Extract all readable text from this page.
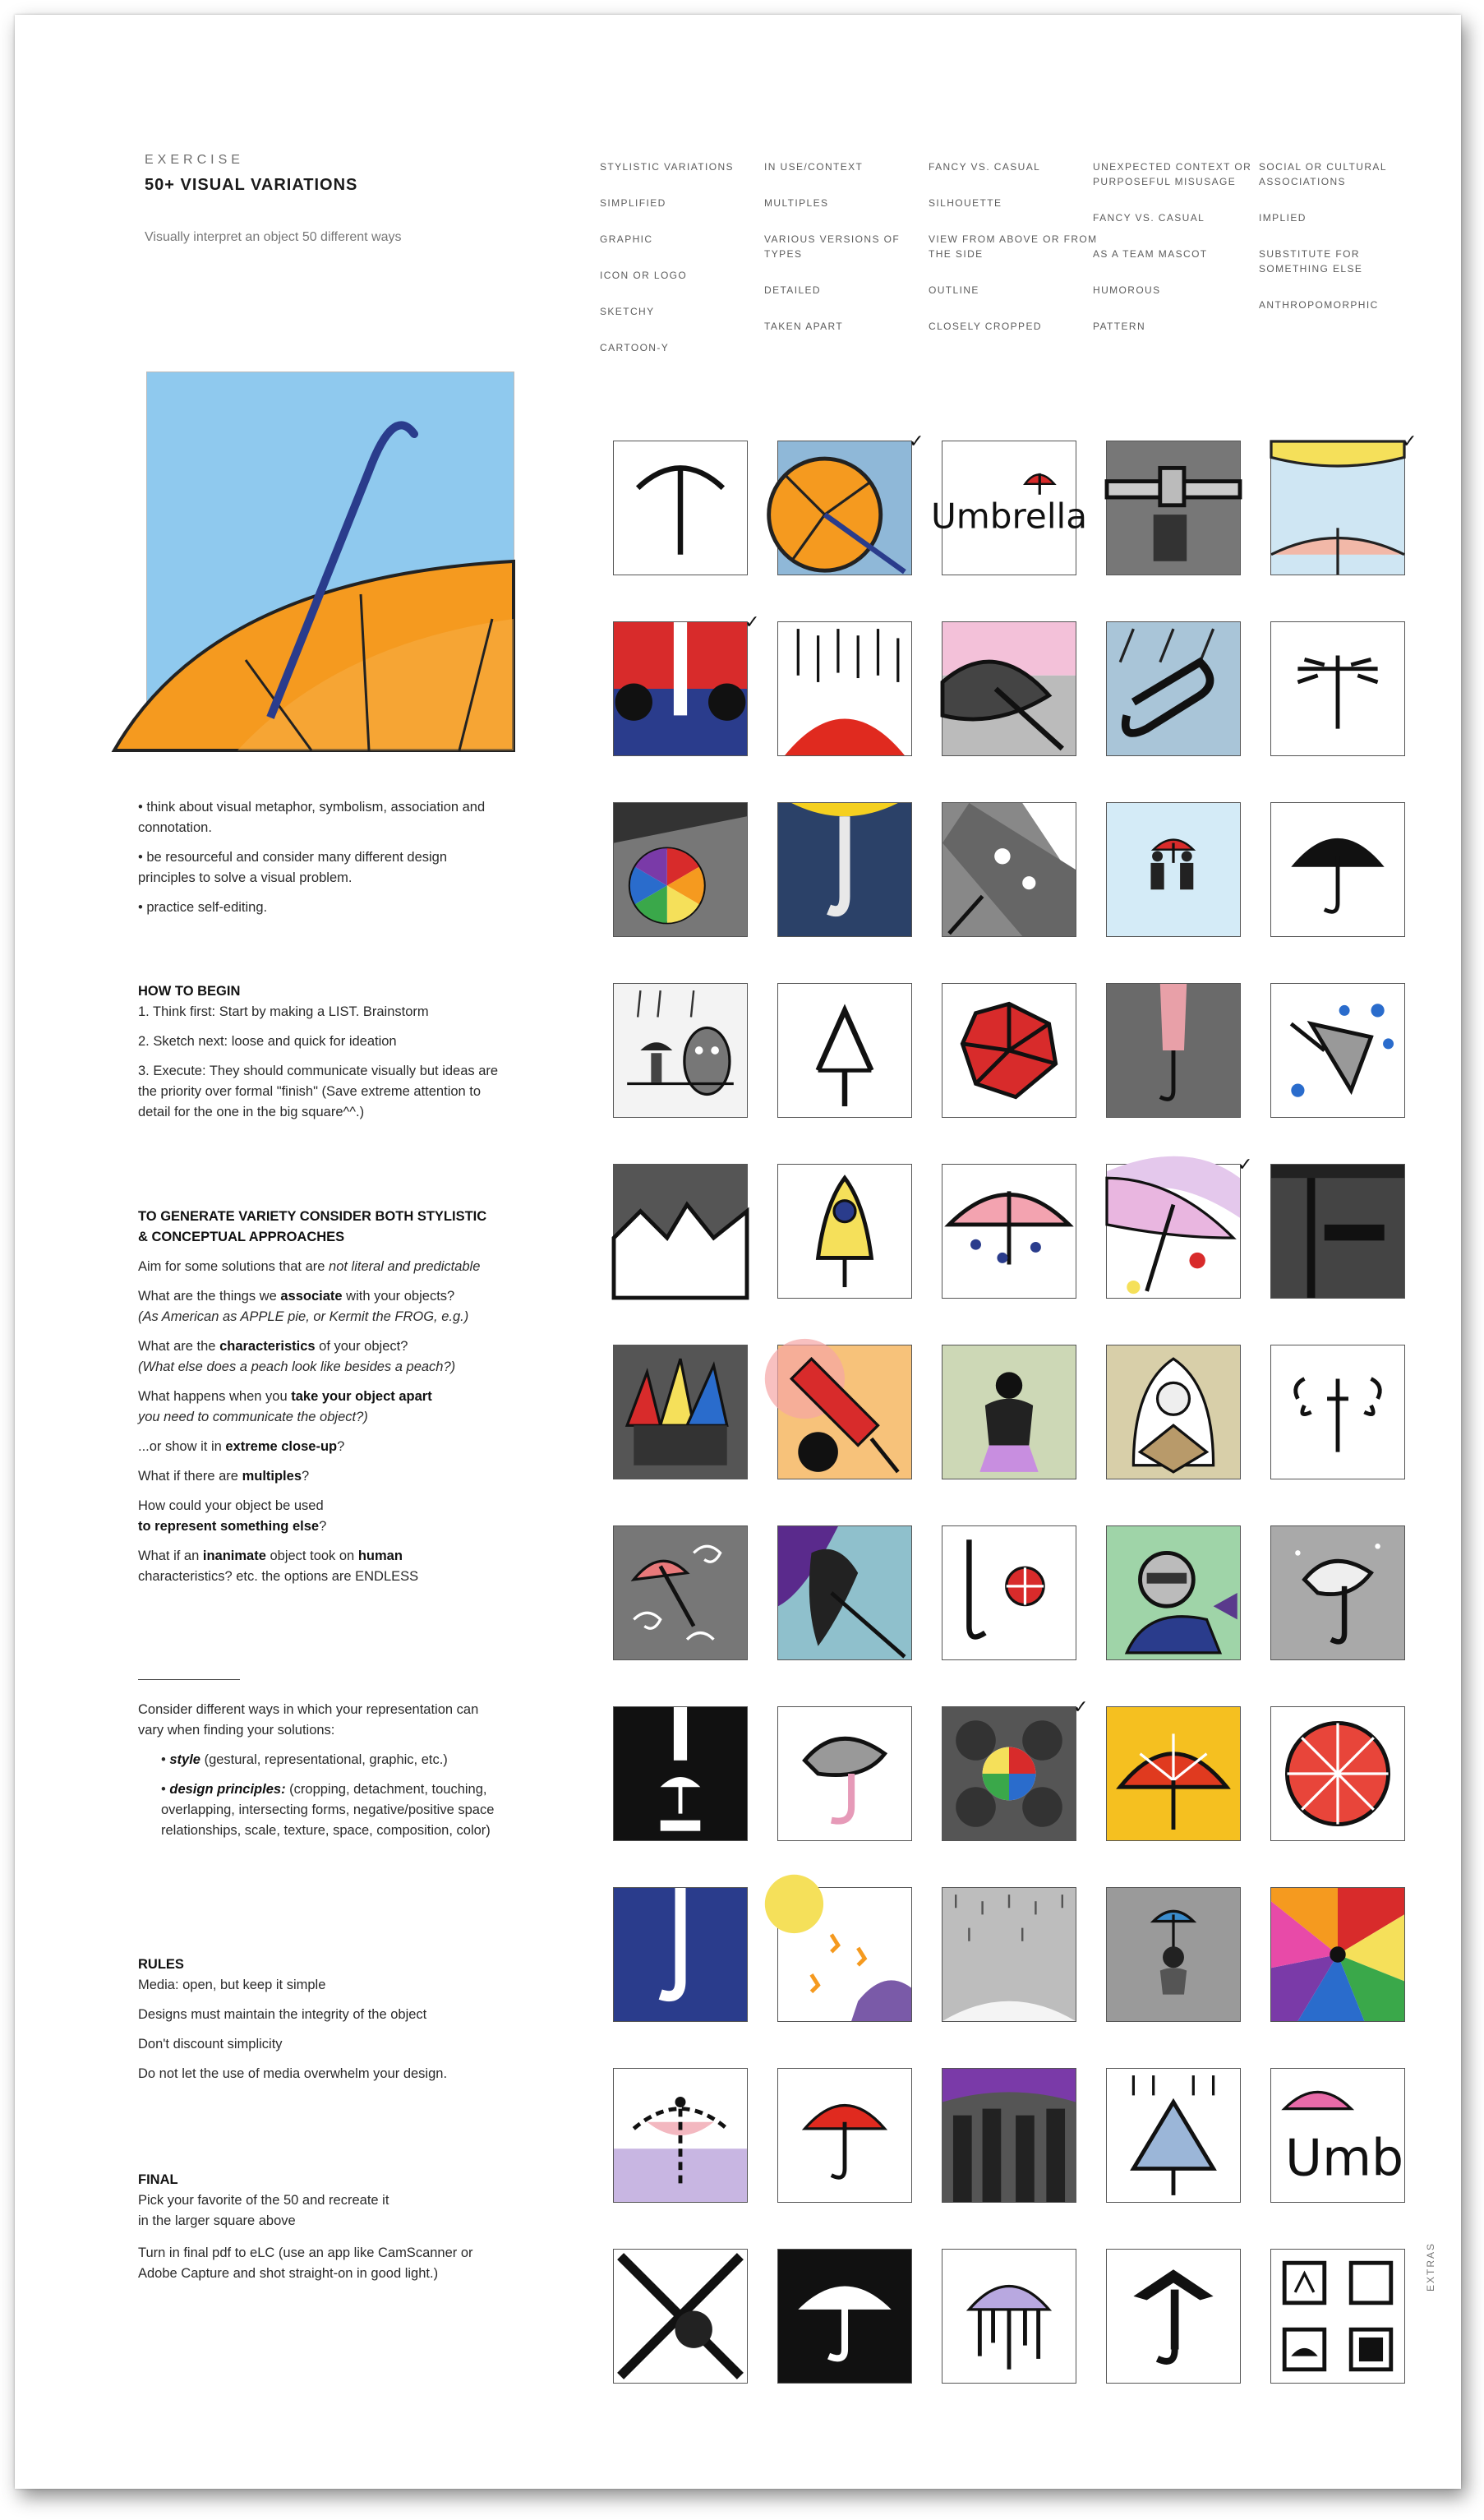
EXERCISE
50+ VISUAL VARIATIONS
Visually interpret an object 50 different ways
STYLISTIC VARIATIONS
SIMPLIFIED
GRAPHIC
ICON OR LOGO
SKETCHY
CARTOON-Y
IN USE/CONTEXT
MULTIPLES
VARIOUS VERSIONS OF TYPES
DETAILED
TAKEN APART
FANCY VS. CASUAL
SILHOUETTE
VIEW FROM ABOVE OR FROM THE SIDE
OUTLINE
CLOSELY CROPPED
UNEXPECTED CONTEXT OR PURPOSEFUL MISUSAGE
FANCY VS. CASUAL
AS A TEAM MASCOT
HUMOROUS
PATTERN
SOCIAL OR CULTURAL ASSOCIATIONS
IMPLIED
SUBSTITUTE FOR SOMETHING ELSE
ANTHROPOMORPHIC
• think about visual metaphor, symbolism, association and connotation.
• be resourceful and consider many different design principles to solve a visual problem.
• practice self-editing.
HOW TO BEGIN
1. Think first: Start by making a LIST. Brainstorm
2. Sketch next: loose and quick for ideation
3. Execute: They should communicate visually but ideas are the priority over formal "finish" (Save extreme attention to detail for the one in the big square^^.)
TO GENERATE VARIETY CONSIDER BOTH STYLISTIC & CONCEPTUAL APPROACHES
Aim for some solutions that are not literal and predictable
What are the things we associate with your objects?
(As American as APPLE pie, or Kermit the FROG, e.g.)
What are the characteristics of your object?
(What else does a peach look like besides a peach?)
What happens when you take your object apart
you need to communicate the object?)
...or show it in extreme close-up?
What if there are multiples?
How could your object be used
to represent something else?
What if an inanimate object took on human
characteristics? etc. the options are ENDLESS
Consider different ways in which your representation can vary when finding your solutions:
• style (gestural, representational, graphic, etc.)
• design principles: (cropping, detachment, touching, overlapping, intersecting forms, negative/positive space relationships, scale, texture, space, composition, color)
RULES
Media: open, but keep it simple
Designs must maintain the integrity of the object
Don't discount simplicity
Do not let the use of media overwhelm your design.
FINAL
Pick your favorite of the 50 and recreate it
in the larger square above
Turn in final pdf to eLC (use an app like CamScanner or Adobe Capture and shot straight-on in good light.)
Umbrella
Umb
✓	✓
✓
✓
✓
EXTRAS
